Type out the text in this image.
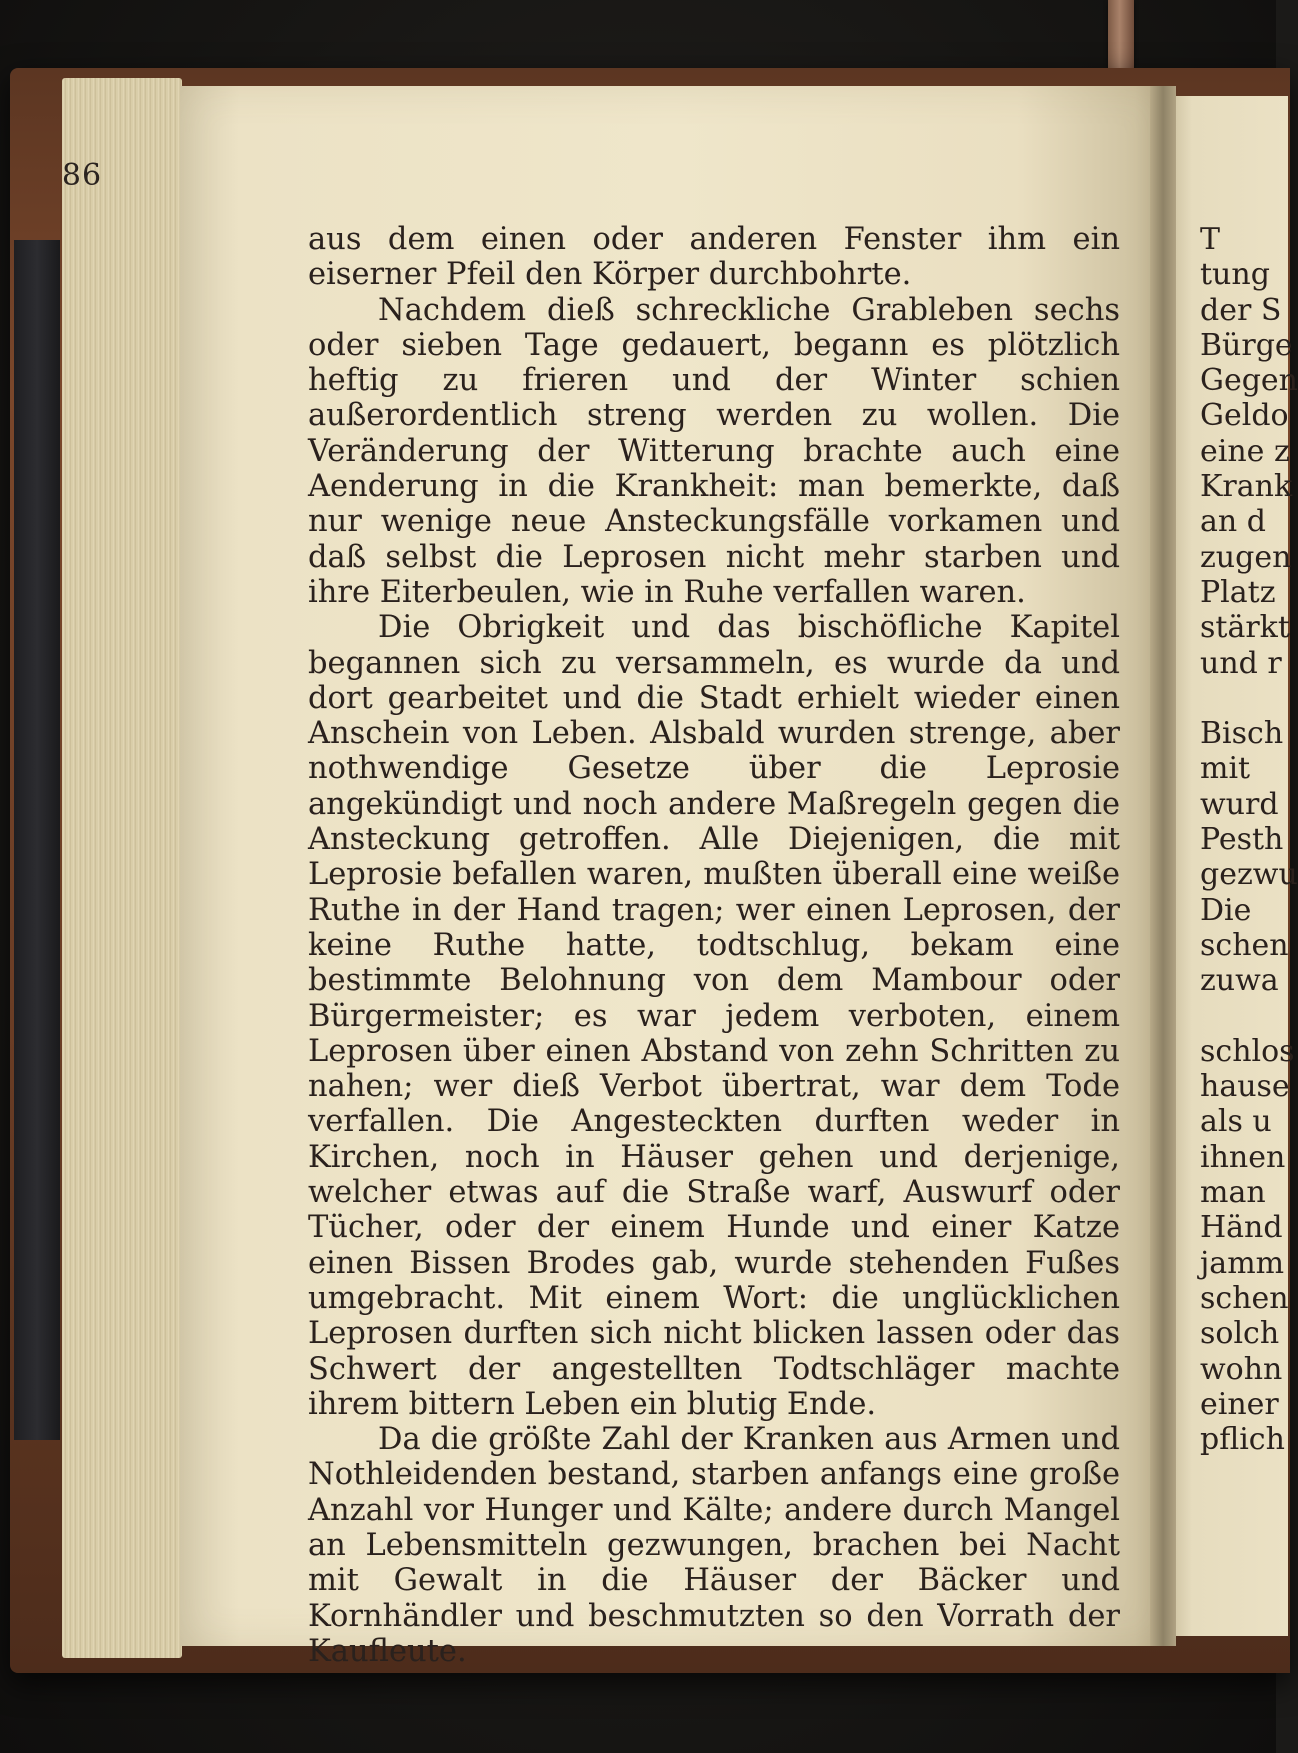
86

aus dem einen oder anderen Fenster ihm ein eiserner Pfeil den Körper durchbohrte.

Nachdem dieß schreckliche Grableben sechs oder sieben Tage gedauert, begann es plötzlich heftig zu frieren und der Winter schien außerordentlich streng werden zu wollen. Die Veränderung der Witterung brachte auch eine Aenderung in die Krankheit: man bemerkte, daß nur wenige neue Ansteckungsfälle vorkamen und daß selbst die Leprosen nicht mehr starben und ihre Eiterbeulen, wie in Ruhe verfallen waren.

Die Obrigkeit und das bischöfliche Kapitel begannen sich zu versammeln, es wurde da und dort gearbeitet und die Stadt erhielt wieder einen Anschein von Leben. Alsbald wurden strenge, aber nothwendige Gesetze über die Leprosie angekündigt und noch andere Maßregeln gegen die Ansteckung getroffen. Alle Diejenigen, die mit Leprosie befallen waren, mußten überall eine weiße Ruthe in der Hand tragen; wer einen Leprosen, der keine Ruthe hatte, todtschlug, bekam eine bestimmte Belohnung von dem Mambour oder Bürgermeister; es war jedem verboten, einem Leprosen über einen Abstand von zehn Schritten zu nahen; wer dieß Verbot übertrat, war dem Tode verfallen. Die Angesteckten durften weder in Kirchen, noch in Häuser gehen und derjenige, welcher etwas auf die Straße warf, Auswurf oder Tücher, oder der einem Hunde und einer Katze einen Bissen Brodes gab, wurde stehenden Fußes umgebracht. Mit einem Wort: die unglücklichen Leprosen durften sich nicht blicken lassen oder das Schwert der angestellten Todtschläger machte ihrem bittern Leben ein blutig Ende.

Da die größte Zahl der Kranken aus Armen und Nothleidenden bestand, starben anfangs eine große Anzahl vor Hunger und Kälte; andere durch Mangel an Lebensmitteln gezwungen, brachen bei Nacht mit Gewalt in die Häuser der Bäcker und Kornhändler und beschmutzten so den Vorrath der Kaufleute.

T
tung
der S
Bürge
Gegen
Geldo
eine z
Krank
an d
zugen
Platz
stärkt
und r
Bisch
mit
wurd
Pesth
gezwu
Die
schen
zuwa
schlos
hause
als u
ihnen
man
Händ
jamm
schen
solch
wohn
einer
pflich
